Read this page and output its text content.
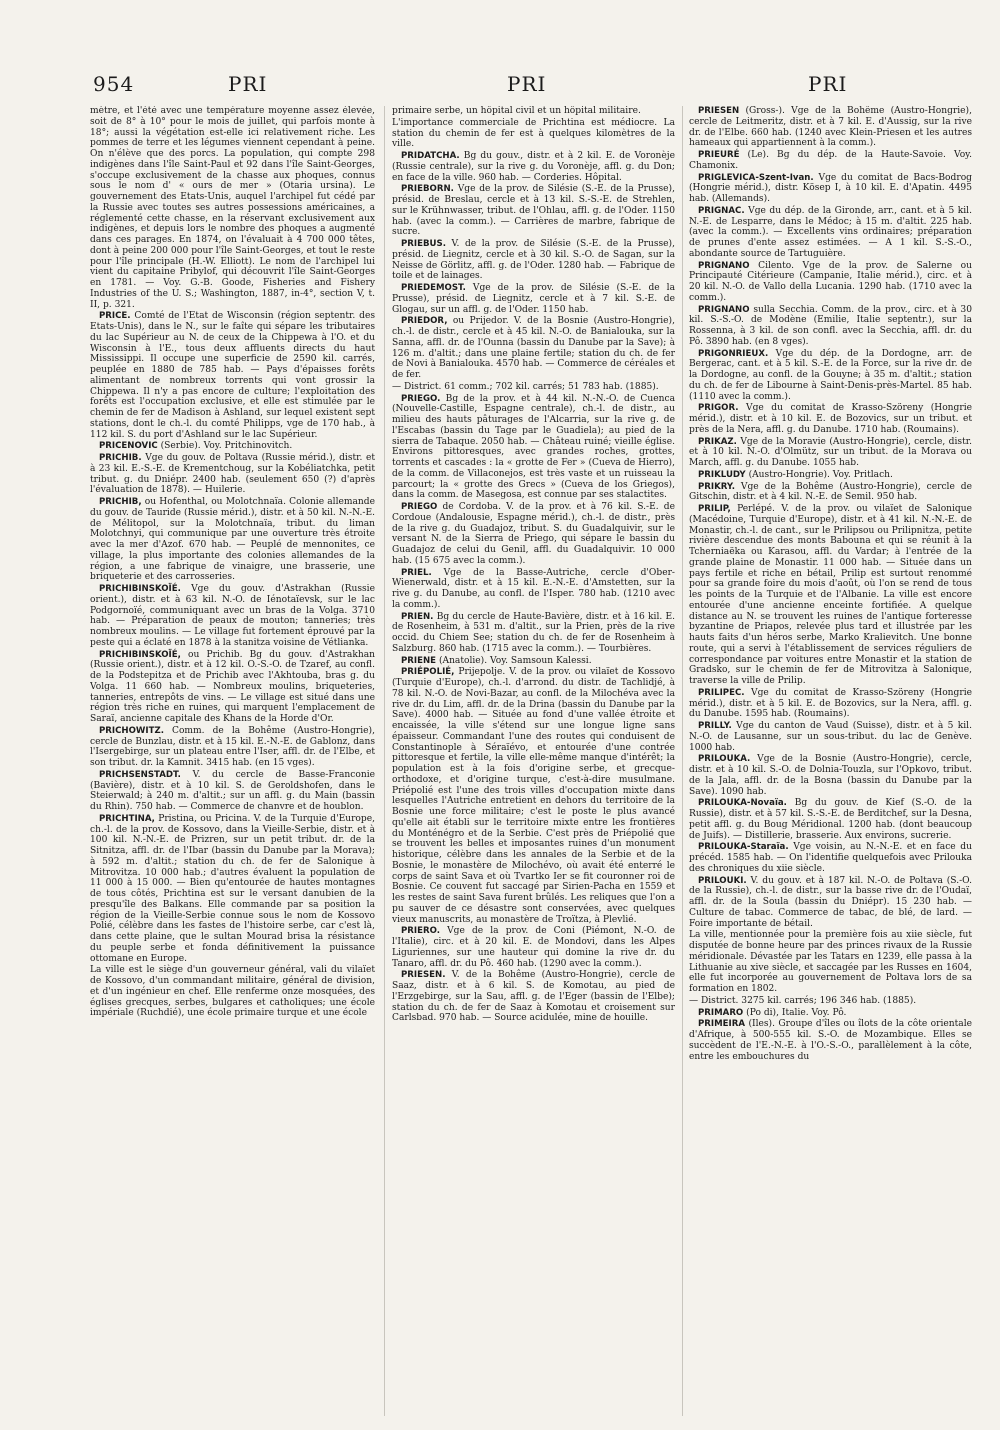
954	PRI	PRI	PRI

mètre, et l'été avec une température moyenne assez élevée, soit de 8° à 10° pour le mois de juillet, qui parfois monte à 18°; aussi la végétation est-elle ici relativement riche. Les pommes de terre et les légumes viennent cependant à peine. On n'élève que des porcs. La population, qui compte 298 indigènes dans l'île Saint-Paul et 92 dans l'île Saint-Georges, s'occupe exclusivement de la chasse aux phoques, connus sous le nom d' « ours de mer » (Otaria ursina). Le gouvernement des Etats-Unis, auquel l'archipel fut cédé par la Russie avec toutes ses autres possessions américaines, a réglementé cette chasse, en la réservant exclusivement aux indigènes, et depuis lors le nombre des phoques a augmenté dans ces parages. En 1874, on l'évaluait à 4 700 000 têtes, dont à peine 200 000 pour l'île Saint-Georges, et tout le reste pour l'île principale (H.-W. Elliott). Le nom de l'archipel lui vient du capitaine Pribylof, qui découvrit l'île Saint-Georges en 1781. — Voy. G.-B. Goode, Fisheries and Fishery Industries of the U. S.; Washington, 1887, in-4°, section V, t. II, p. 321.

PRICE. Comté de l'Etat de Wisconsin (région septentr. des Etats-Unis), dans le N., sur le faîte qui sépare les tributaires du lac Supérieur au N. de ceux de la Chippewa à l'O. et du Wisconsin à l'E., tous deux affluents directs du haut Mississippi. Il occupe une superficie de 2590 kil. carrés, peuplée en 1880 de 785 hab. — Pays d'épaisses forêts alimentant de nombreux torrents qui vont grossir la Chippewa. Il n'y a pas encore de culture; l'exploitation des forêts est l'occupation exclusive, et elle est stimulée par le chemin de fer de Madison à Ashland, sur lequel existent sept stations, dont le ch.-l. du comté Philipps, vge de 170 hab., à 112 kil. S. du port d'Ashland sur le lac Supérieur.

PRICENOVIC (Serbie). Voy. Pritchinovitch.

PRICHIB. Vge du gouv. de Poltava (Russie mérid.), distr. et à 23 kil. E.-S.-E. de Krementchoug, sur la Kobéliatchka, petit tribut. g. du Dniépr. 2400 hab. (seulement 650 (?) d'après l'évaluation de 1878). — Huilerie.

PRICHIB, ou Hofenthal, ou Molotchnaïa. Colonie allemande du gouv. de Tauride (Russie mérid.), distr. et à 50 kil. N.-N.-E. de Mélitopol, sur la Molotchnaïa, tribut. du liman Molotchnyi, qui communique par une ouverture très étroite avec la mer d'Azof. 670 hab. — Peuplé de mennonites, ce village, la plus importante des colonies allemandes de la région, a une fabrique de vinaigre, une brasserie, une briqueterie et des carrosseries.

PRICHIBINSKOÏÉ. Vge du gouv. d'Astrakhan (Russie orient.), distr. et à 63 kil. N.-O. de Iénotaïevsk, sur le lac Podgornoïé, communiquant avec un bras de la Volga. 3710 hab. — Préparation de peaux de mouton; tanneries; très nombreux moulins. — Le village fut fortement éprouvé par la peste qui a éclaté en 1878 à la stanitza voisine de Vétlianka.

PRICHIBINSKOÏÉ, ou Prichib. Bg du gouv. d'Astrakhan (Russie orient.), distr. et à 12 kil. O.-S.-O. de Tzaref, au confl. de la Podstepitza et de Prichib avec l'Akhtouba, bras g. du Volga. 11 660 hab. — Nombreux moulins, briqueteries, tanneries, entrepôts de vins. — Le village est situé dans une région très riche en ruines, qui marquent l'emplacement de Saraï, ancienne capitale des Khans de la Horde d'Or.

PRICHOWITZ. Comm. de la Bohême (Austro-Hongrie), cercle de Bunzlau, distr. et à 15 kil. E.-N.-E. de Gablonz, dans l'Isergebirge, sur un plateau entre l'Iser, affl. dr. de l'Elbe, et son tribut. dr. la Kamnit. 3415 hab. (en 15 vges).

PRICHSENSTADT. V. du cercle de Basse-Franconie (Bavière), distr. et à 10 kil. S. de Geroldshofen, dans le Steierwald; à 240 m. d'altit.; sur un affl. g. du Main (bassin du Rhin). 750 hab. — Commerce de chanvre et de houblon.

PRICHTINA, Pristina, ou Pricina. V. de la Turquie d'Europe, ch.-l. de la prov. de Kossovo, dans la Vieille-Serbie, distr. et à 100 kil. N.-N.-E. de Prizren, sur un petit tribut. dr. de la Sitnitza, affl. dr. de l'Ibar (bassin du Danube par la Morava); à 592 m. d'altit.; station du ch. de fer de Salonique à Mitrovitza. 10 000 hab.; d'autres évaluent la population de 11 000 à 15 000. — Bien qu'entourée de hautes montagnes de tous côtés, Prichtina est sur le versant danubien de la presqu'île des Balkans. Elle commande par sa position la région de la Vieille-Serbie connue sous le nom de Kossovo Polié, célèbre dans les fastes de l'histoire serbe, car c'est là, dans cette plaine, que le sultan Mourad brisa la résistance du peuple serbe et fonda définitivement la puissance ottomane en Europe.

La ville est le siège d'un gouverneur général, vali du vilaïet de Kossovo, d'un commandant militaire, général de division, et d'un ingénieur en chef. Elle renferme onze mosquées, des églises grecques, serbes, bulgares et catholiques; une école impériale (Ruchdié), une école primaire turque et une école

primaire serbe, un hôpital civil et un hôpital militaire.

L'importance commerciale de Prichtina est médiocre. La station du chemin de fer est à quelques kilomètres de la ville.

PRIDATCHA. Bg du gouv., distr. et à 2 kil. E. de Voronèje (Russie centrale), sur la rive g. du Voronèje, affl. g. du Don; en face de la ville. 960 hab. — Corderies. Hôpital.

PRIEBORN. Vge de la prov. de Silésie (S.-E. de la Prusse), présid. de Breslau, cercle et à 13 kil. S.-S.-E. de Strehlen, sur le Krühnwasser, tribut. de l'Ohlau, affl. g. de l'Oder. 1150 hab. (avec la comm.). — Carrières de marbre, fabrique de sucre.

PRIEBUS. V. de la prov. de Silésie (S.-E. de la Prusse), présid. de Liegnitz, cercle et à 30 kil. S.-O. de Sagan, sur la Neisse de Görlitz, affl. g. de l'Oder. 1280 hab. — Fabrique de toile et de lainages.

PRIEDEMOST. Vge de la prov. de Silésie (S.-E. de la Prusse), présid. de Liegnitz, cercle et à 7 kil. S.-E. de Glogau, sur un affl. g. de l'Oder. 1150 hab.

PRIEDOR, ou Prijedor. V. de la Bosnie (Austro-Hongrie), ch.-l. de distr., cercle et à 45 kil. N.-O. de Banialouka, sur la Sanna, affl. dr. de l'Ounna (bassin du Danube par la Save); à 126 m. d'altit.; dans une plaine fertile; station du ch. de fer de Novi à Banialouka. 4570 hab. — Commerce de céréales et de fer.

— District. 61 comm.; 702 kil. carrés; 51 783 hab. (1885).

PRIEGO. Bg de la prov. et à 44 kil. N.-N.-O. de Cuenca (Nouvelle-Castille, Espagne centrale), ch.-l. de distr., au milieu des hauts pâturages de l'Alcarria, sur la rive g. de l'Escabas (bassin du Tage par le Guadiela); au pied de la sierra de Tabaque. 2050 hab. — Château ruiné; vieille église. Environs pittoresques, avec grandes roches, grottes, torrents et cascades : la « grotte de Fer » (Cueva de Hierro), de la comm. de Villaconejos, est très vaste et un ruisseau la parcourt; la « grotte des Grecs » (Cueva de los Griegos), dans la comm. de Masegosa, est connue par ses stalactites.

PRIEGO de Cordoba. V. de la prov. et à 76 kil. S.-E. de Cordoue (Andalousie, Espagne mérid.), ch.-l. de distr., près de la rive g. du Guadajoz, tribut. S. du Guadalquivir, sur le versant N. de la Sierra de Priego, qui sépare le bassin du Guadajoz de celui du Genil, affl. du Guadalquivir. 10 000 hab. (15 675 avec la comm.).

PRIEL. Vge de la Basse-Autriche, cercle d'Ober-Wienerwald, distr. et à 15 kil. E.-N.-E. d'Amstetten, sur la rive g. du Danube, au confl. de l'Isper. 780 hab. (1210 avec la comm.).

PRIEN. Bg du cercle de Haute-Bavière, distr. et à 16 kil. E. de Rosenheim, à 531 m. d'altit., sur la Prien, près de la rive occid. du Chiem See; station du ch. de fer de Rosenheim à Salzburg. 860 hab. (1715 avec la comm.). — Tourbières.

PRIENE (Anatolie). Voy. Samsoun Kalessi.

PRIÉPOLIÉ, Prijepolje. V. de la prov. ou vilaïet de Kossovo (Turquie d'Europe), ch.-l. d'arrond. du distr. de Tachlidjé, à 78 kil. N.-O. de Novi-Bazar, au confl. de la Milochéva avec la rive dr. du Lim, affl. dr. de la Drina (bassin du Danube par la Save). 4000 hab. — Située au fond d'une vallée étroite et encaissée, la ville s'étend sur une longue ligne sans épaisseur. Commandant l'une des routes qui conduisent de Constantinople à Séraïévo, et entourée d'une contrée pittoresque et fertile, la ville elle-même manque d'intérêt; la population est à la fois d'origine serbe, et grecque-orthodoxe, et d'origine turque, c'est-à-dire musulmane. Priépolié est l'une des trois villes d'occupation mixte dans lesquelles l'Autriche entretient en dehors du territoire de la Bosnie une force militaire; c'est le poste le plus avancé qu'elle ait établi sur le territoire mixte entre les frontières du Monténégro et de la Serbie. C'est près de Priépolié que se trouvent les belles et imposantes ruines d'un monument historique, célèbre dans les annales de la Serbie et de la Bosnie, le monastère de Milochévo, où avait été enterré le corps de saint Sava et où Tvartko Ier se fit couronner roi de Bosnie. Ce couvent fut saccagé par Sirien-Pacha en 1559 et les restes de saint Sava furent brûlés. Les reliques que l'on a pu sauver de ce désastre sont conservées, avec quelques vieux manuscrits, au monastère de Troïtza, à Plevlié.

PRIERO. Vge de la prov. de Coni (Piémont, N.-O. de l'Italie), circ. et à 20 kil. E. de Mondovi, dans les Alpes Liguriennes, sur une hauteur qui domine la rive dr. du Tanaro, affl. dr. du Pô. 460 hab. (1290 avec la comm.).

PRIESEN. V. de la Bohême (Austro-Hongrie), cercle de Saaz, distr. et à 6 kil. S. de Komotau, au pied de l'Erzgebirge, sur la Sau, affl. g. de l'Eger (bassin de l'Elbe); station du ch. de fer de Saaz à Komotau et croisement sur Carlsbad. 970 hab. — Source acidulée, mine de houille.

PRIESEN (Gross-). Vge de la Bohême (Austro-Hongrie), cercle de Leitmeritz, distr. et à 7 kil. E. d'Aussig, sur la rive dr. de l'Elbe. 660 hab. (1240 avec Klein-Priesen et les autres hameaux qui appartiennent à la comm.).

PRIEURÉ (Le). Bg du dép. de la Haute-Savoie. Voy. Chamonix.

PRIGLEVICA-Szent-Ivan. Vge du comitat de Bacs-Bodrog (Hongrie mérid.), distr. Kösep I, à 10 kil. E. d'Apatin. 4495 hab. (Allemands).

PRIGNAC. Vge du dép. de la Gironde, arr., cant. et à 5 kil. N.-E. de Lesparre, dans le Médoc; à 15 m. d'altit. 225 hab. (avec la comm.). — Excellents vins ordinaires; préparation de prunes d'ente assez estimées. — A 1 kil. S.-S.-O., abondante source de Tartuguière.

PRIGNANO Cilento. Vge de la prov. de Salerne ou Principauté Citérieure (Campanie, Italie mérid.), circ. et à 20 kil. N.-O. de Vallo della Lucania. 1290 hab. (1710 avec la comm.).

PRIGNANO sulla Secchia. Comm. de la prov., circ. et à 30 kil. S.-S.-O. de Modène (Emilie, Italie septentr.), sur la Rossenna, à 3 kil. de son confl. avec la Secchia, affl. dr. du Pô. 3890 hab. (en 8 vges).

PRIGONRIEUX. Vge du dép. de la Dordogne, arr. de Bergerac, cant. et à 5 kil. S.-E. de la Force, sur la rive dr. de la Dordogne, au confl. de la Gouyne; à 35 m. d'altit.; station du ch. de fer de Libourne à Saint-Denis-près-Martel. 85 hab. (1110 avec la comm.).

PRIGOR. Vge du comitat de Krasso-Szöreny (Hongrie mérid.), distr. et à 10 kil. E. de Bozovics, sur un tribut. et près de la Nera, affl. g. du Danube. 1710 hab. (Roumains).

PRIKAZ. Vge de la Moravie (Austro-Hongrie), cercle, distr. et à 10 kil. N.-O. d'Olmütz, sur un tribut. de la Morava ou March, affl. g. du Danube. 1055 hab.

PRIKLUDY (Austro-Hongrie). Voy. Pritlach.

PRIKRY. Vge de la Bohême (Austro-Hongrie), cercle de Gitschin, distr. et à 4 kil. N.-E. de Semil. 950 hab.

PRILIP, Perlépé. V. de la prov. ou vilaïet de Salonique (Macédoine, Turquie d'Europe), distr. et à 41 kil. N.-N.-E. de Monastir, ch.-l. de cant., sur le Prilipsou ou Prilipnitza, petite rivière descendue des monts Babouna et qui se réunit à la Tcherniaëka ou Karasou, affl. du Vardar; à l'entrée de la grande plaine de Monastir. 11 000 hab. — Située dans un pays fertile et riche en bétail, Prilip est surtout renommé pour sa grande foire du mois d'août, où l'on se rend de tous les points de la Turquie et de l'Albanie. La ville est encore entourée d'une ancienne enceinte fortifiée. A quelque distance au N. se trouvent les ruines de l'antique forteresse byzantine de Priapos, relevée plus tard et illustrée par les hauts faits d'un héros serbe, Marko Kralievitch. Une bonne route, qui a servi à l'établissement de services réguliers de correspondance par voitures entre Monastir et la station de Gradsko, sur le chemin de fer de Mitrovitza à Salonique, traverse la ville de Prilip.

PRILIPEC. Vge du comitat de Krasso-Szöreny (Hongrie mérid.), distr. et à 5 kil. E. de Bozovics, sur la Nera, affl. g. du Danube. 1595 hab. (Roumains).

PRILLY. Vge du canton de Vaud (Suisse), distr. et à 5 kil. N.-O. de Lausanne, sur un sous-tribut. du lac de Genève. 1000 hab.

PRILOUKA. Vge de la Bosnie (Austro-Hongrie), cercle, distr. et à 10 kil. S.-O. de Dolnia-Touzla, sur l'Opkovo, tribut. de la Jala, affl. dr. de la Bosna (bassin du Danube par la Save). 1090 hab.

PRILOUKA-Novaïa. Bg du gouv. de Kief (S.-O. de la Russie), distr. et à 57 kil. S.-S.-E. de Berditchef, sur la Desna, petit affl. g. du Boug Méridional. 1200 hab. (dont beaucoup de Juifs). — Distillerie, brasserie. Aux environs, sucrerie.

PRILOUKA-Staraïa. Vge voisin, au N.-N.-E. et en face du précéd. 1585 hab. — On l'identifie quelquefois avec Prilouka des chroniques du xiie siècle.

PRILOUKI. V. du gouv. et à 187 kil. N.-O. de Poltava (S.-O. de la Russie), ch.-l. de distr., sur la basse rive dr. de l'Oudaï, affl. dr. de la Soula (bassin du Dniépr). 15 230 hab. — Culture de tabac. Commerce de tabac, de blé, de lard. — Foire importante de bétail.

La ville, mentionnée pour la première fois au xiie siècle, fut disputée de bonne heure par des princes rivaux de la Russie méridionale. Dévastée par les Tatars en 1239, elle passa à la Lithuanie au xive siècle, et saccagée par les Russes en 1604, elle fut incorporée au gouvernement de Poltava lors de sa formation en 1802.

— District. 3275 kil. carrés; 196 346 hab. (1885).

PRIMARO (Po di), Italie. Voy. Pô.

PRIMEIRA (Iles). Groupe d'îles ou îlots de la côte orientale d'Afrique, à 500-555 kil. S.-O. de Mozambique. Elles se succèdent de l'E.-N.-E. à l'O.-S.-O., parallèlement à la côte, entre les embouchures du
